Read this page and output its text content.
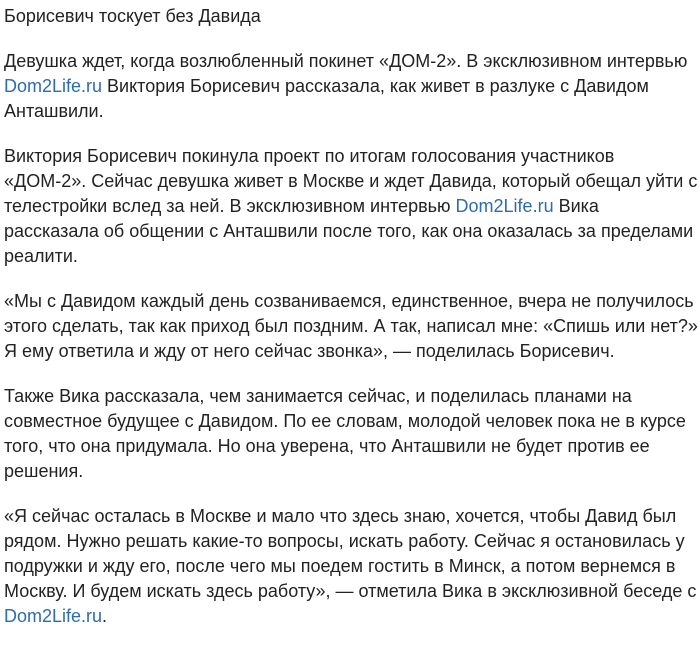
Борисевич тоскует без Давида
Девушка ждет, когда возлюбленный покинет «ДОМ-2». В эксклюзивном интервью
Dom2Life.ru Виктория Борисевич рассказала, как живет в разлуке с Давидом
Анташвили.
Виктория Борисевич покинула проект по итогам голосования участников
«ДОМ-2». Сейчас девушка живет в Москве и ждет Давида, который обещал уйти с
телестройки вслед за ней. В эксклюзивном интервью Dom2Life.ru Вика
рассказала об общении с Анташвили после того, как она оказалась за пределами
реалити.
«Мы с Давидом каждый день созваниваемся, единственное, вчера не получилось
этого сделать, так как приход был поздним. А так, написал мне: «Спишь или нет?»
Я ему ответила и жду от него сейчас звонка», — поделилась Борисевич.
Также Вика рассказала, чем занимается сейчас, и поделилась планами на
совместное будущее с Давидом. По ее словам, молодой человек пока не в курсе
того, что она придумала. Но она уверена, что Анташвили не будет против ее
решения.
«Я сейчас осталась в Москве и мало что здесь знаю, хочется, чтобы Давид был
рядом. Нужно решать какие-то вопросы, искать работу. Сейчас я остановилась у
подружки и жду его, после чего мы поедем гостить в Минск, а потом вернемся в
Москву. И будем искать здесь работу», — отметила Вика в эксклюзивной беседе с
Dom2Life.ru.
